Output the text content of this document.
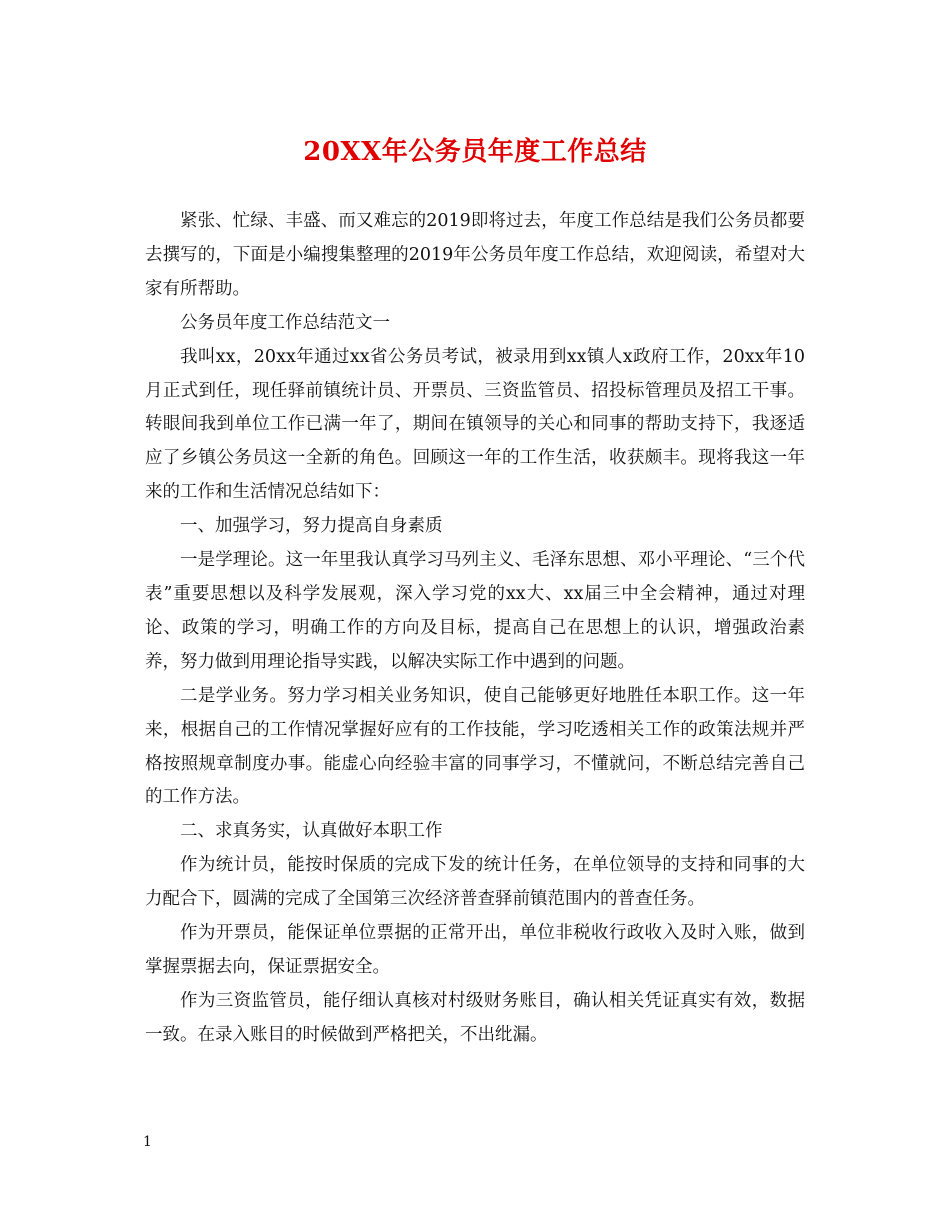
20XX年公务员年度工作总结

紧张、忙绿、丰盛、而又难忘的2019即将过去，年度工作总结是我们公务员都要去撰写的，下面是小编搜集整理的2019年公务员年度工作总结，欢迎阅读，希望对大家有所帮助。

公务员年度工作总结范文一

我叫xx，20xx年通过xx省公务员考试，被录用到xx镇人x政府工作，20xx年10月正式到任，现任驿前镇统计员、开票员、三资监管员、招投标管理员及招工干事。转眼间我到单位工作已满一年了，期间在镇领导的关心和同事的帮助支持下，我逐适应了乡镇公务员这一全新的角色。回顾这一年的工作生活，收获颇丰。现将我这一年来的工作和生活情况总结如下：

一、加强学习，努力提高自身素质

一是学理论。这一年里我认真学习马列主义、毛泽东思想、邓小平理论、“三个代表”重要思想以及科学发展观，深入学习党的xx大、xx届三中全会精神，通过对理论、政策的学习，明确工作的方向及目标，提高自己在思想上的认识，增强政治素养，努力做到用理论指导实践，以解决实际工作中遇到的问题。

二是学业务。努力学习相关业务知识，使自己能够更好地胜任本职工作。这一年来，根据自己的工作情况掌握好应有的工作技能，学习吃透相关工作的政策法规并严格按照规章制度办事。能虚心向经验丰富的同事学习，不懂就问，不断总结完善自己的工作方法。

二、求真务实，认真做好本职工作

作为统计员，能按时保质的完成下发的统计任务，在单位领导的支持和同事的大力配合下，圆满的完成了全国第三次经济普查驿前镇范围内的普查任务。

作为开票员，能保证单位票据的正常开出，单位非税收行政收入及时入账，做到掌握票据去向，保证票据安全。

作为三资监管员，能仔细认真核对村级财务账目，确认相关凭证真实有效，数据一致。在录入账目的时候做到严格把关，不出纰漏。

1
